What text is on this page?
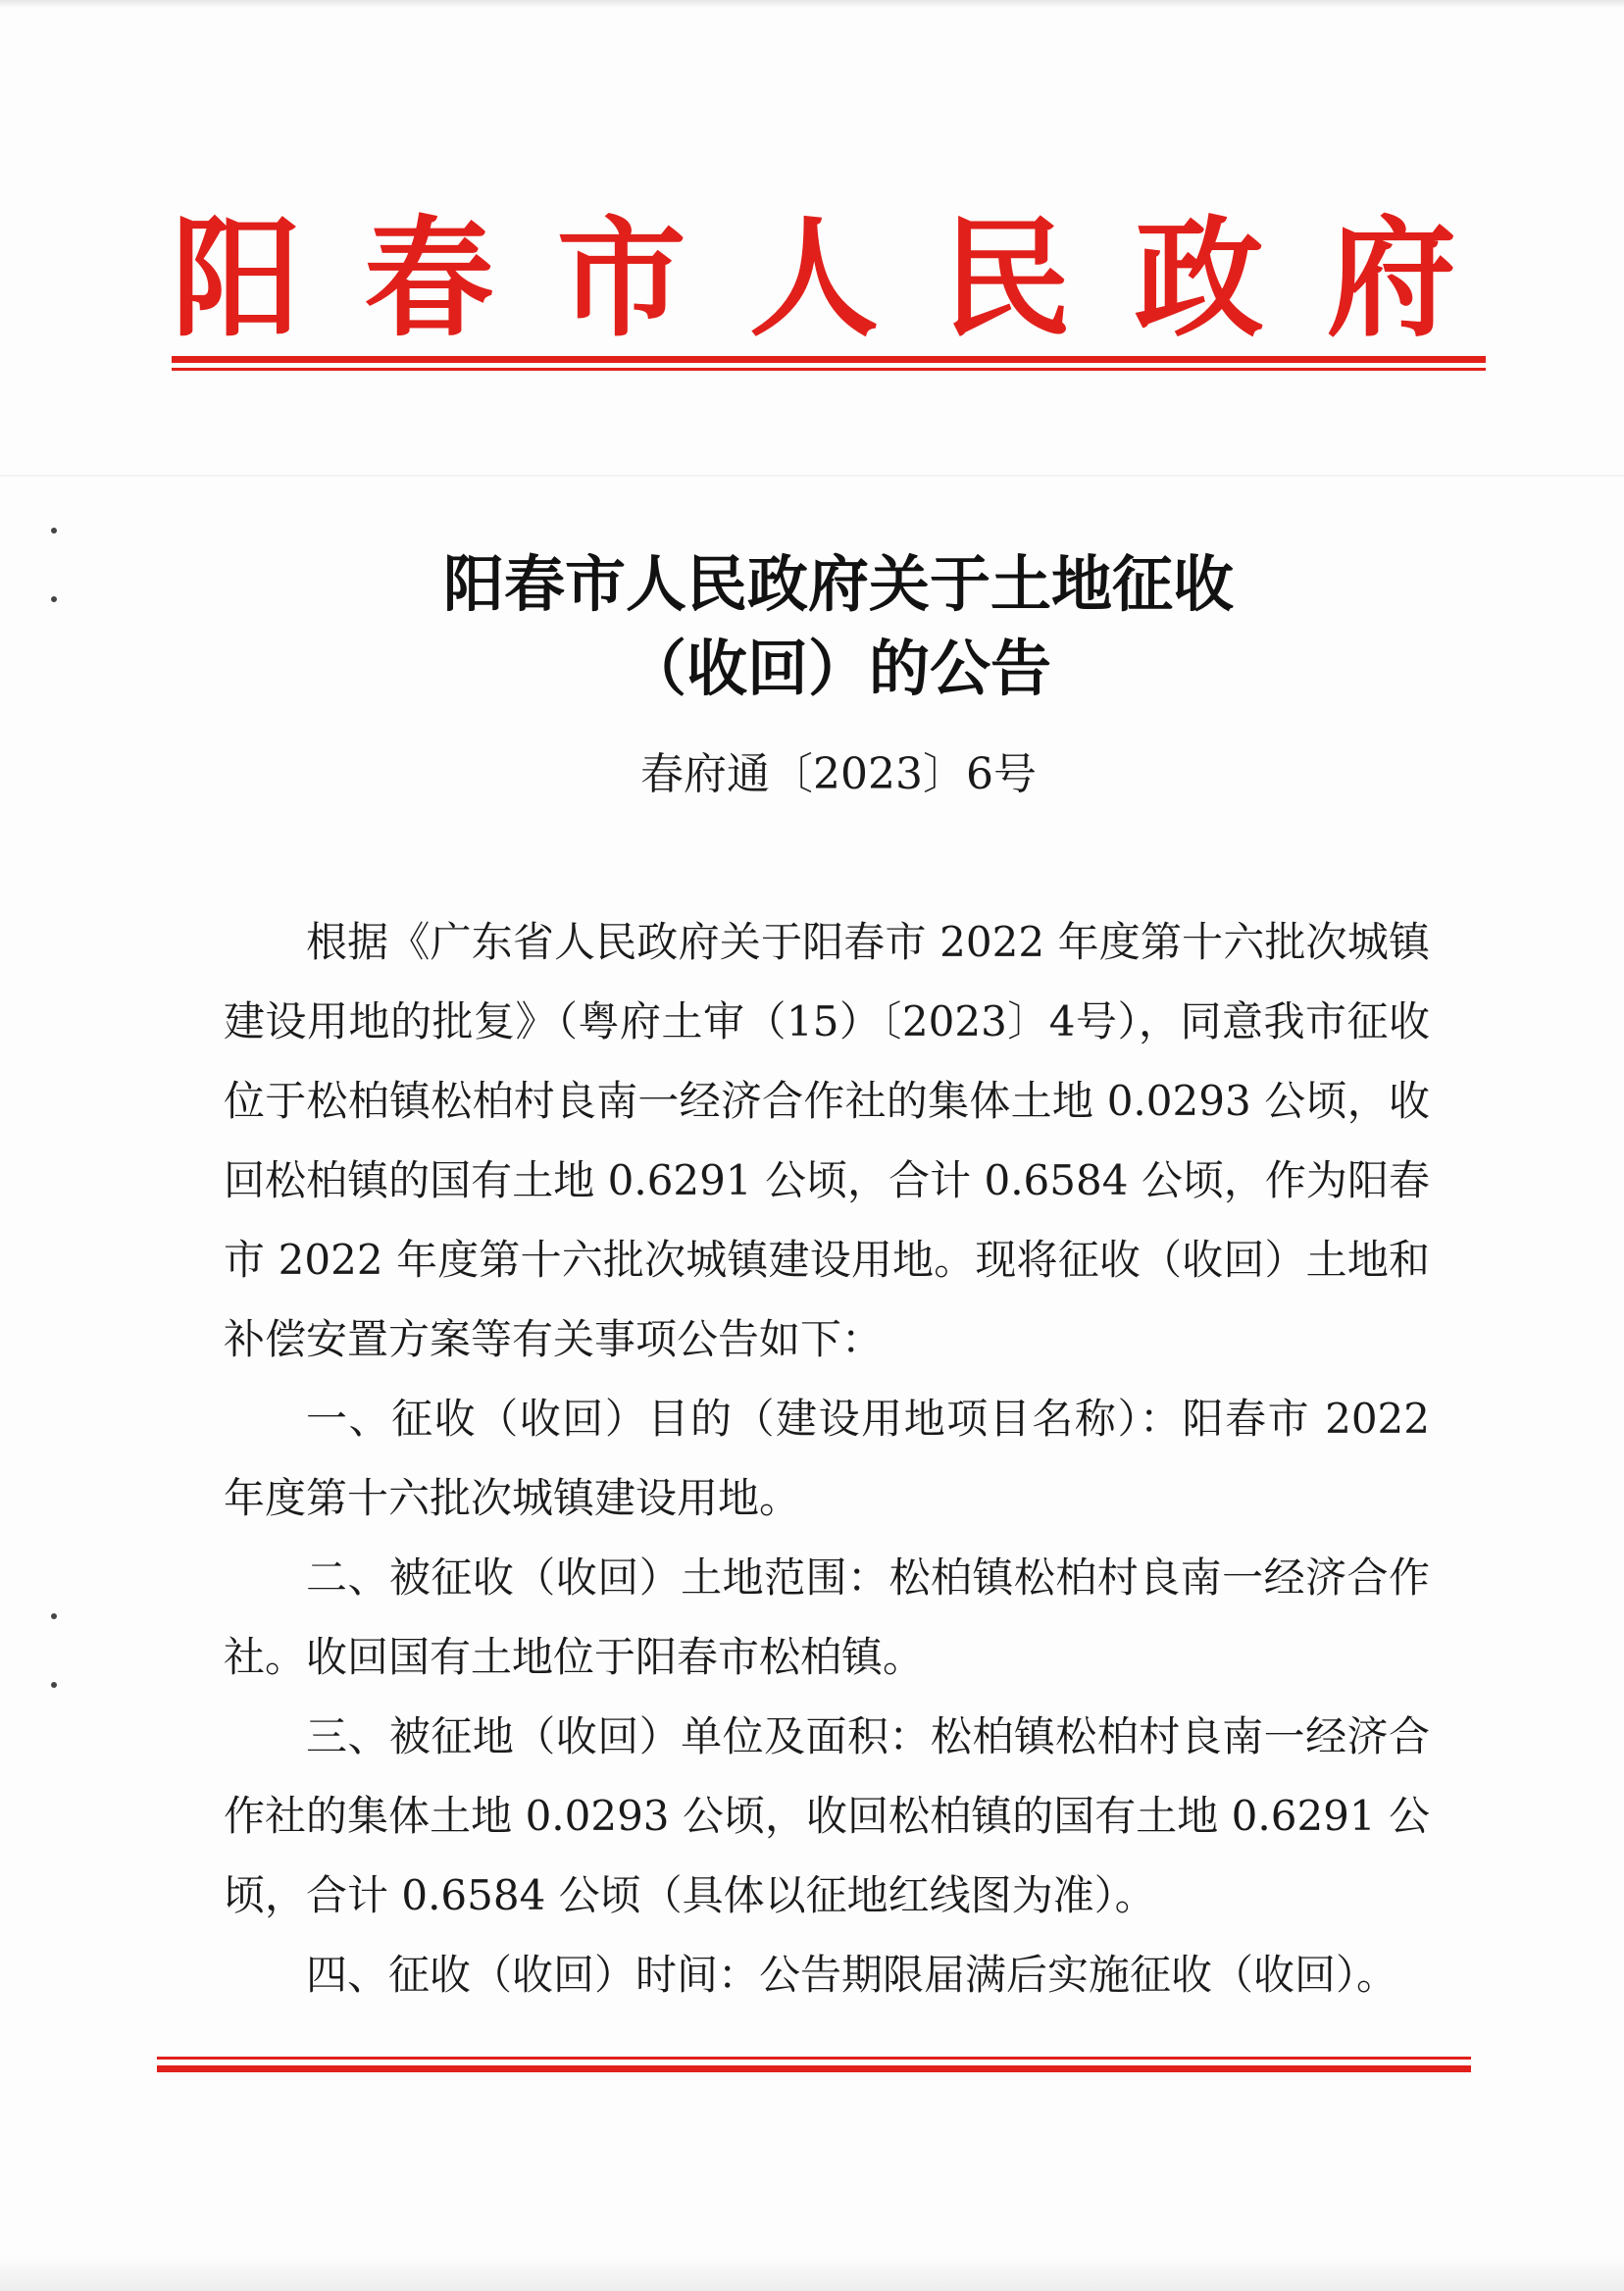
阳 春 市 人 民 政 府
阳春市人民政府关于土地征收
（收回）的公告
春府通〔2023〕6号

根据《广东省人民政府关于阳春市 2022 年度第十六批次城镇建设用地的批复》（粤府土审（15）〔2023〕4号），同意我市征收位于松柏镇松柏村良南一经济合作社的集体土地 0.0293 公顷，收回松柏镇的国有土地 0.6291 公顷，合计 0.6584 公顷，作为阳春市 2022 年度第十六批次城镇建设用地。现将征收（收回）土地和补偿安置方案等有关事项公告如下：

一、征收（收回）目的（建设用地项目名称）：阳春市 2022 年度第十六批次城镇建设用地。

二、被征收（收回）土地范围：松柏镇松柏村良南一经济合作社。收回国有土地位于阳春市松柏镇。

三、被征地（收回）单位及面积：松柏镇松柏村良南一经济合作社的集体土地 0.0293 公顷，收回松柏镇的国有土地 0.6291 公顷，合计 0.6584 公顷（具体以征地红线图为准）。

四、征收（收回）时间：公告期限届满后实施征收（收回）。
